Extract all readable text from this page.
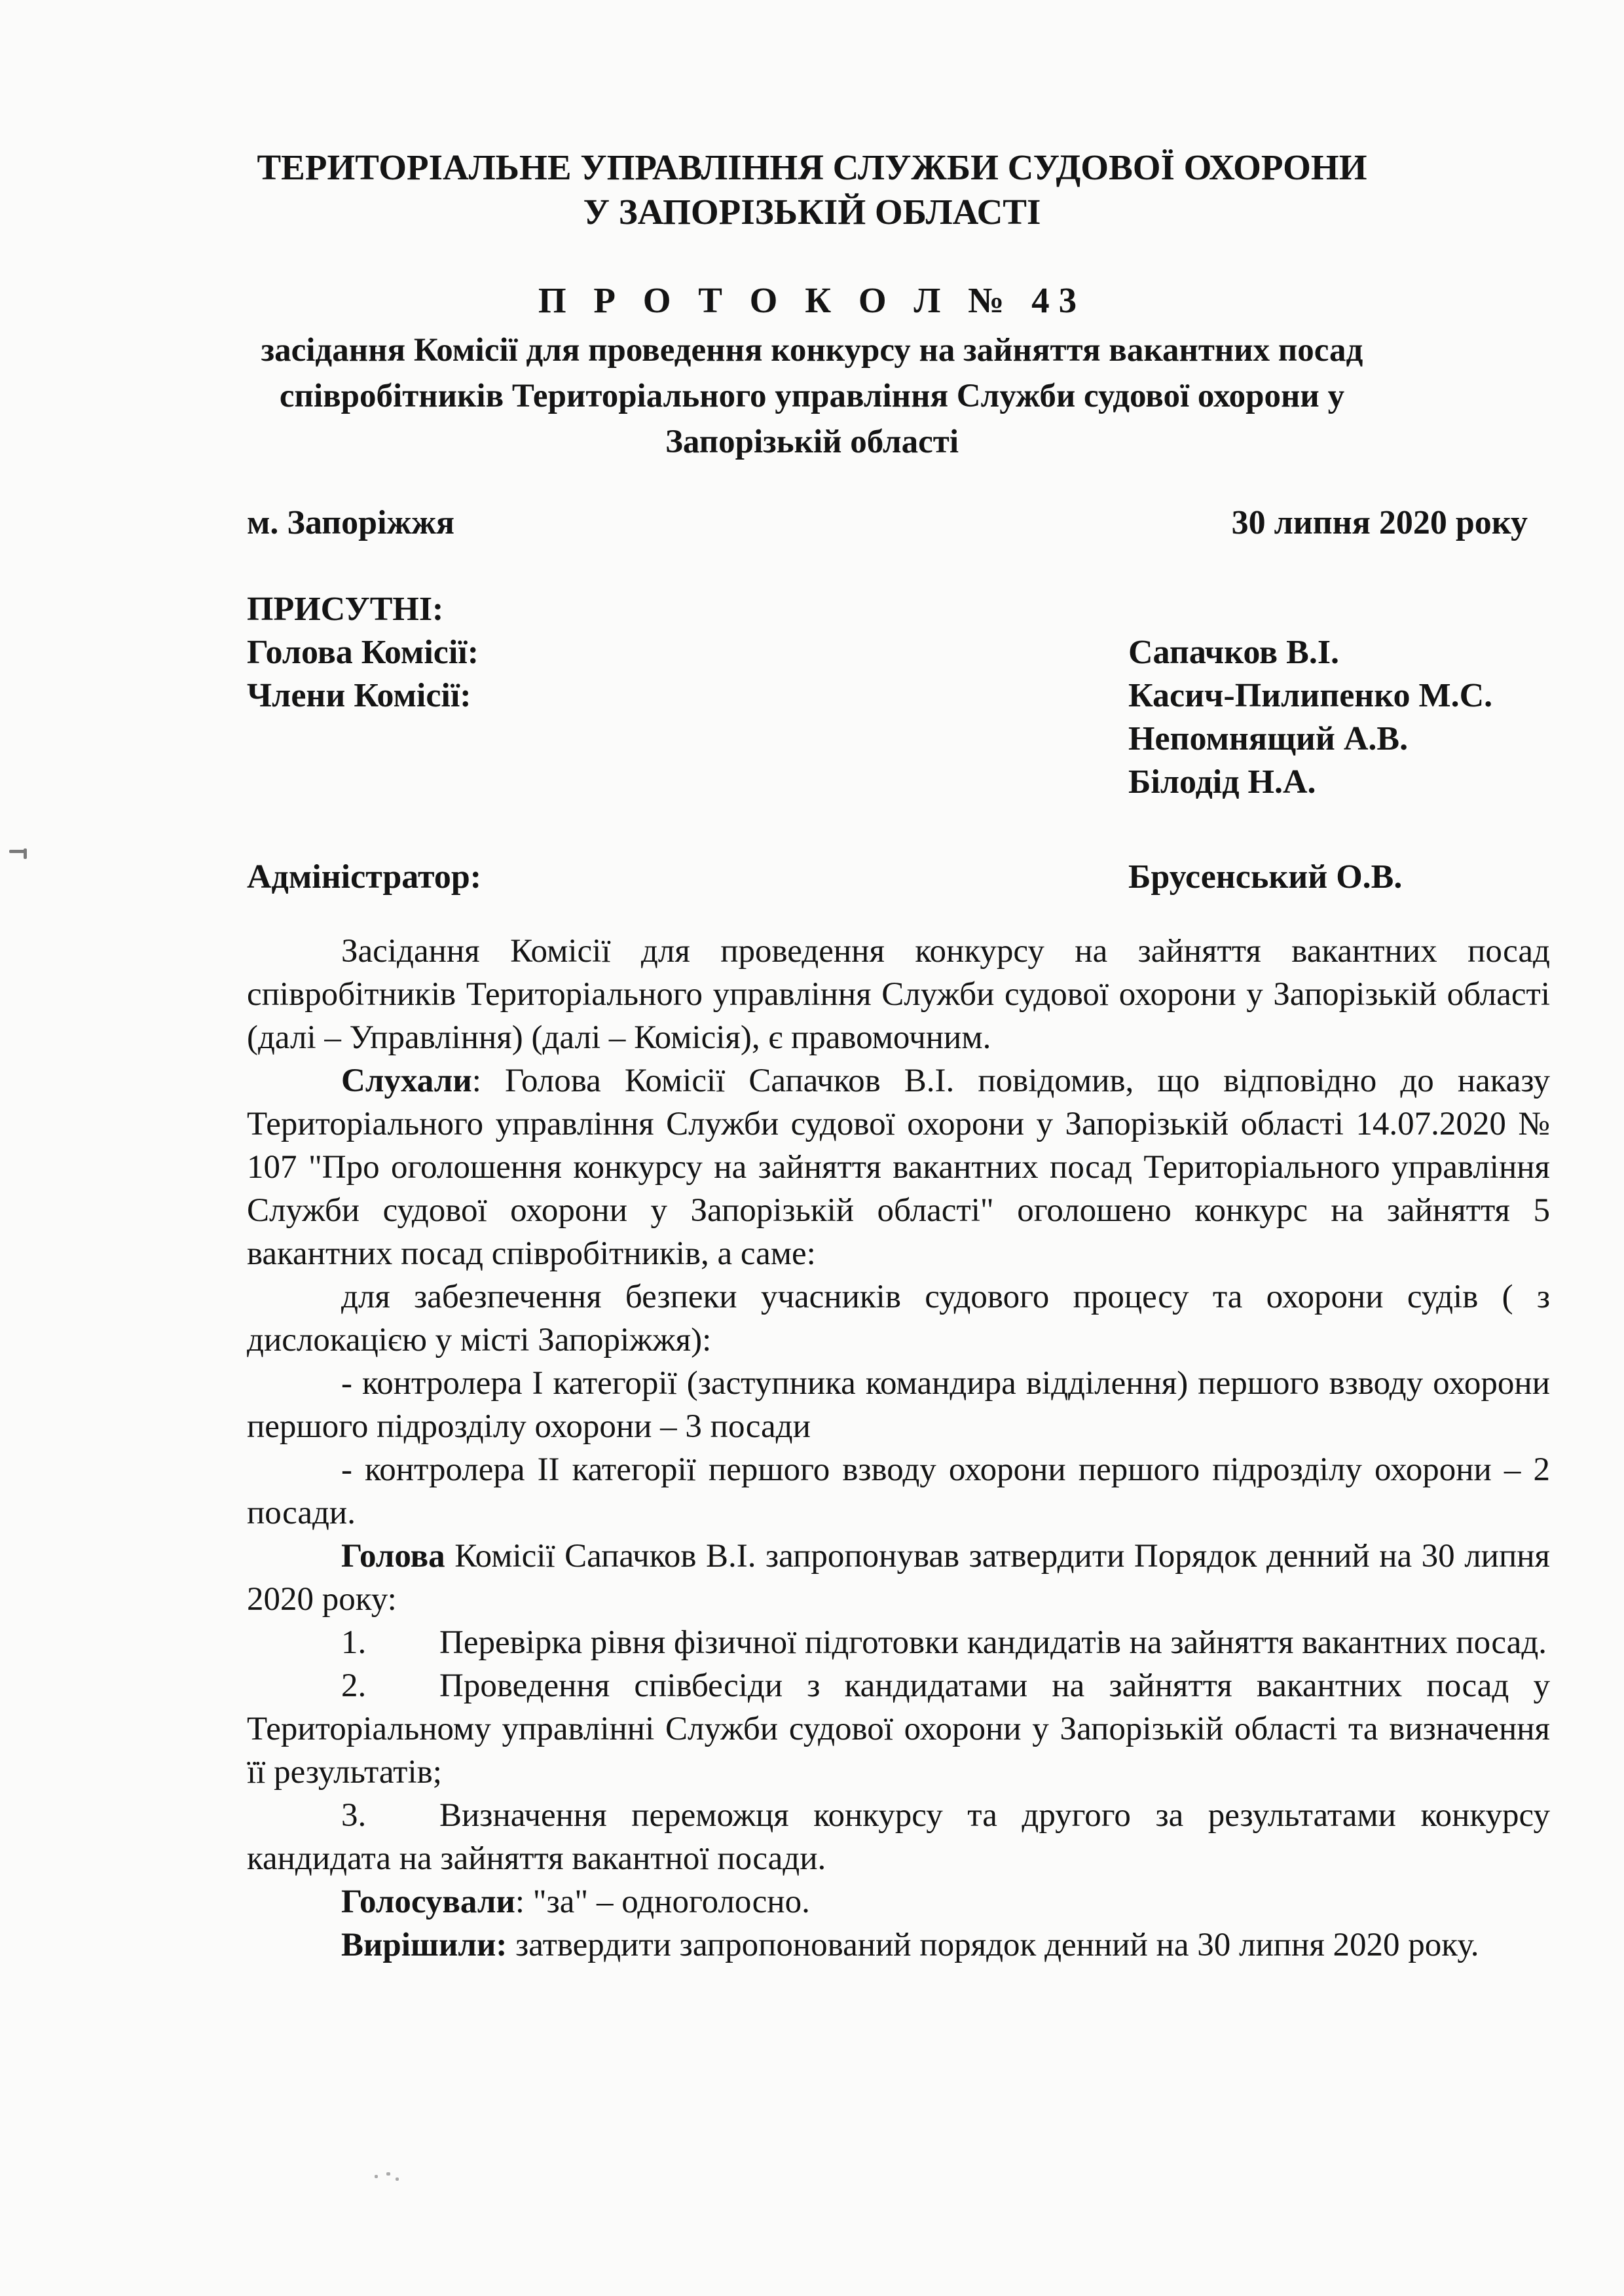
ТЕРИТОРІАЛЬНЕ УПРАВЛІННЯ СЛУЖБИ СУДОВОЇ ОХОРОНИ
У ЗАПОРІЗЬКІЙ ОБЛАСТІ
П Р О Т О К О Л № 43
засідання Комісії для проведення конкурсу на зайняття вакантних посад співробітників Територіального управління Служби судової охорони у Запорізькій області
м. Запоріжжя	30 липня 2020 року
ПРИСУТНІ:
Голова Комісії:	Сапачков В.І.
Члени Комісії:	Касич-Пилипенко М.С.
Непомнящий А.В.
Білодід Н.А.
Адміністратор:	Брусенський О.В.

Засідання Комісії для проведення конкурсу на зайняття вакантних посад співробітників Територіального управління Служби судової охорони у Запорізькій області (далі – Управління) (далі – Комісія), є правомочним.

Слухали: Голова Комісії Сапачков В.І. повідомив, що відповідно до наказу Територіального управління Служби судової охорони у Запорізькій області 14.07.2020 № 107 "Про оголошення конкурсу на зайняття вакантних посад Територіального управління Служби судової охорони у Запорізькій області" оголошено конкурс на зайняття 5 вакантних посад співробітників, а саме:

для забезпечення безпеки учасників судового процесу та охорони судів ( з дислокацією у місті Запоріжжя):

- контролера І категорії (заступника командира відділення) першого взводу охорони першого підрозділу охорони – 3 посади

- контролера ІІ категорії першого взводу охорони першого підрозділу охорони – 2 посади.

Голова Комісії Сапачков В.І. запропонував затвердити Порядок денний на 30 липня 2020 року:

1. Перевірка рівня фізичної підготовки кандидатів на зайняття вакантних посад.

2. Проведення співбесіди з кандидатами на зайняття вакантних посад у Територіальному управлінні Служби судової охорони у Запорізькій області та визначення її результатів;

3. Визначення переможця конкурсу та другого за результатами конкурсу кандидата на зайняття вакантної посади.

Голосували: "за" – одноголосно.

Вирішили: затвердити запропонований порядок денний на 30 липня 2020 року.
